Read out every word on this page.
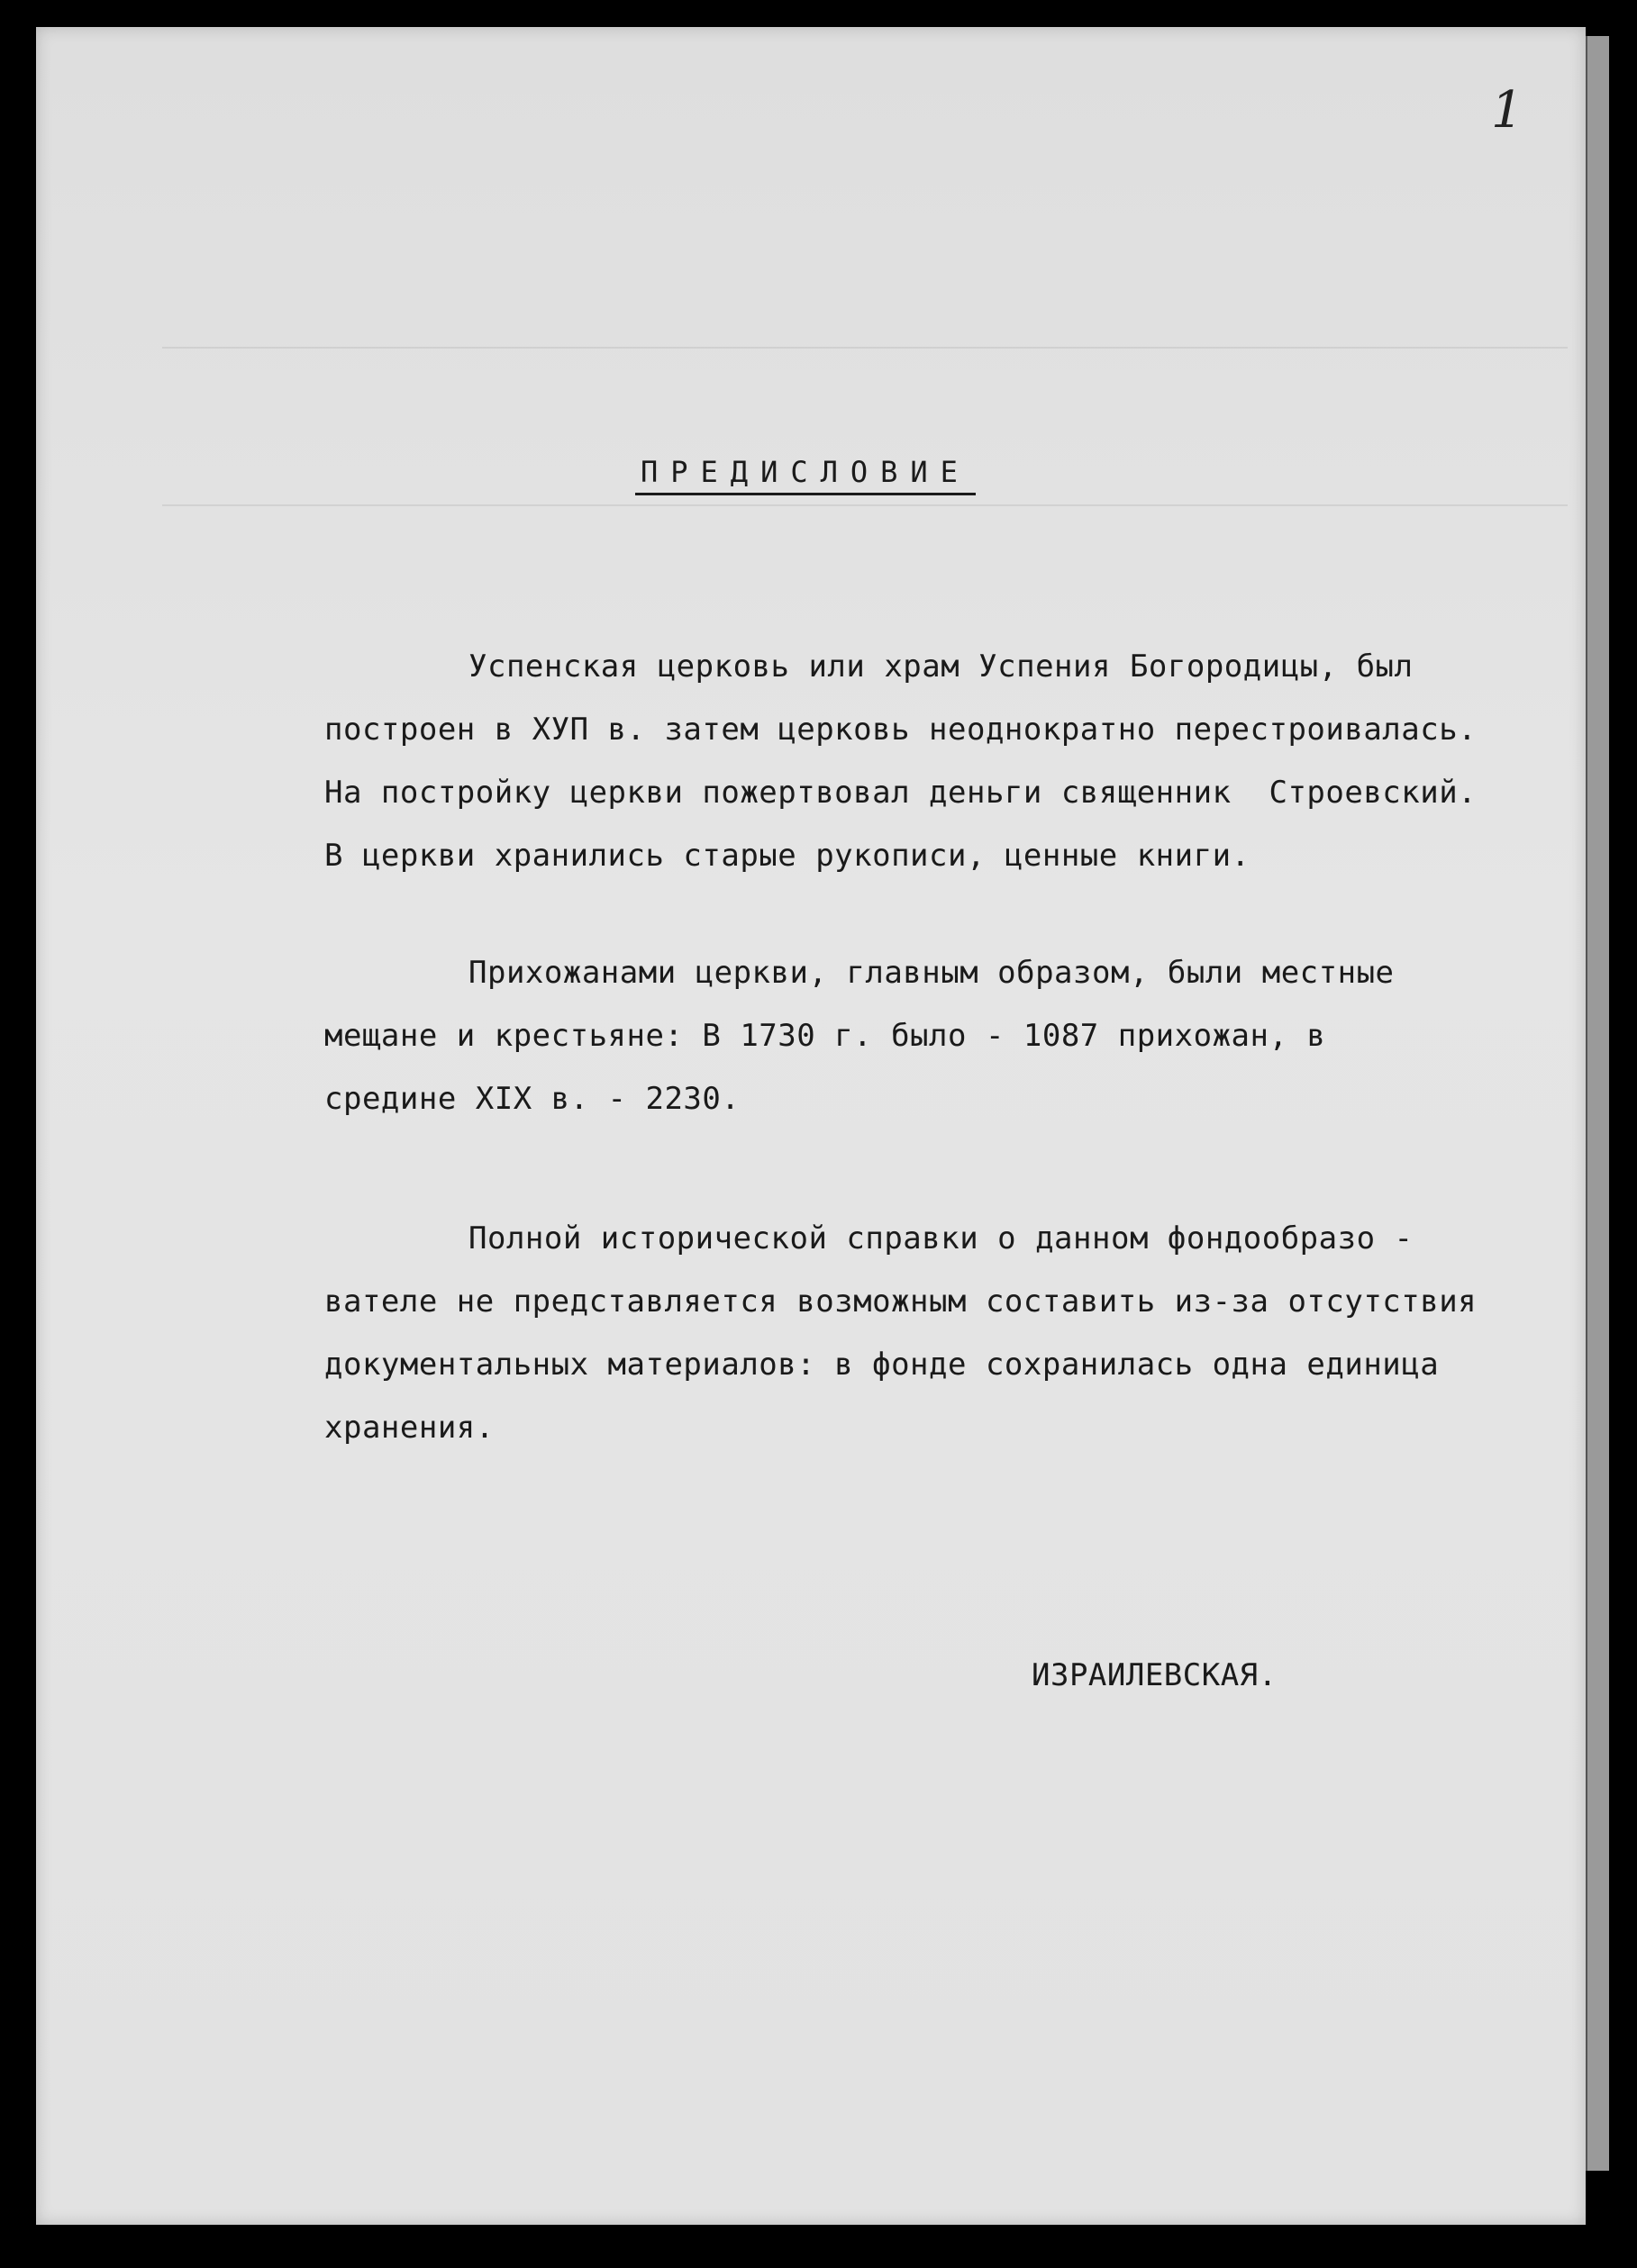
1
ПРЕДИСЛОВИЕ
Успенская церковь или храм Успения Богородицы, был
построен в ХУП в. затем церковь неоднократно перестроивалась.
На постройку церкви пожертвовал деньги священник  Строевский.
В церкви хранились старые рукописи, ценные книги.
Прихожанами церкви, главным образом, были местные
мещане и крестьяне: В 1730 г. было - 1087 прихожан, в
средине XIX в. - 2230.
Полной исторической справки о данном фондообразо -
вателе не представляется возможным составить из-за отсутствия
документальных материалов: в фонде сохранилась одна единица
хранения.
ИЗРАИЛЕВСКАЯ.
